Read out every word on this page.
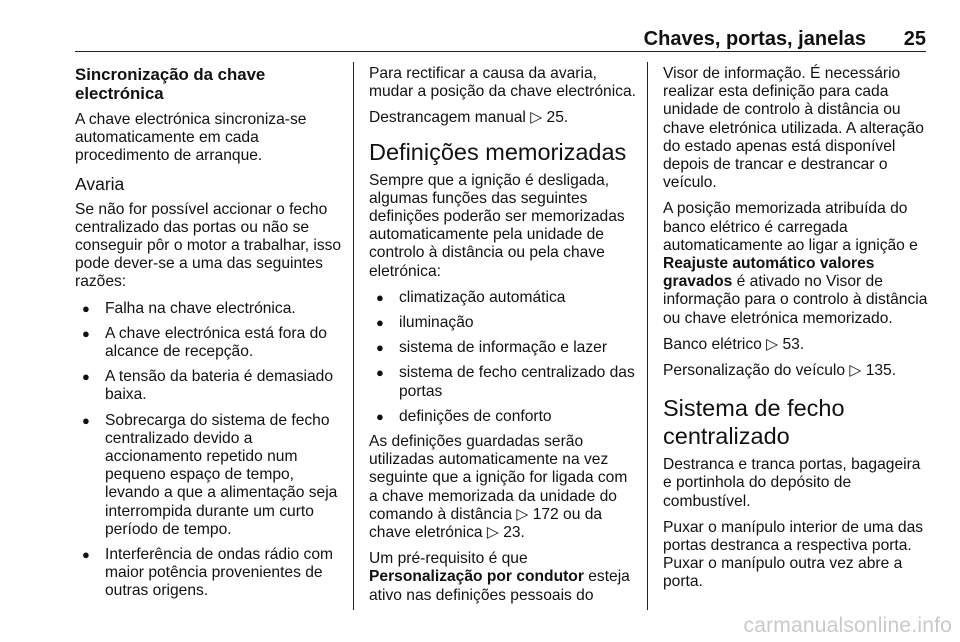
Chaves, portas, janelas 25
Sincronização da chave electrónica

A chave electrónica sincroniza-se automaticamente em cada procedimento de arranque.

Avaria

Se não for possível accionar o fecho centralizado das portas ou não se conseguir pôr o motor a trabalhar, isso pode dever-se a uma das seguintes razões:

● Falha na chave electrónica.
● A chave electrónica está fora do alcance de recepção.
● A tensão da bateria é demasiado baixa.
● Sobrecarga do sistema de fecho centralizado devido a accionamento repetido num pequeno espaço de tempo, levando a que a alimentação seja interrompida durante um curto período de tempo.
● Interferência de ondas rádio com maior potência provenientes de outras origens.

Para rectificar a causa da avaria, mudar a posição da chave electrónica.

Destrancagem manual ▷ 25.

Definições memorizadas

Sempre que a ignição é desligada, algumas funções das seguintes definições poderão ser memorizadas automaticamente pela unidade de controlo à distância ou pela chave eletrónica:

● climatização automática
● iluminação
● sistema de informação e lazer
● sistema de fecho centralizado das portas
● definições de conforto

As definições guardadas serão utilizadas automaticamente na vez seguinte que a ignição for ligada com a chave memorizada da unidade do comando à distância ▷ 172 ou da chave eletrónica ▷ 23.

Um pré-requisito é que
Personalização por condutor esteja ativo nas definições pessoais do

Visor de informação. É necessário realizar esta definição para cada unidade de controlo à distância ou chave eletrónica utilizada. A alteração do estado apenas está disponível depois de trancar e destrancar o veículo.

A posição memorizada atribuída do banco elétrico é carregada automaticamente ao ligar a ignição e Reajuste automático valores gravados é ativado no Visor de informação para o controlo à distância ou chave eletrónica memorizado.

Banco elétrico ▷ 53.

Personalização do veículo ▷ 135.

Sistema de fecho centralizado

Destranca e tranca portas, bagageira e portinhola do depósito de combustível.

Puxar o manípulo interior de uma das portas destranca a respectiva porta. Puxar o manípulo outra vez abre a porta.

carmanualsonline.info
